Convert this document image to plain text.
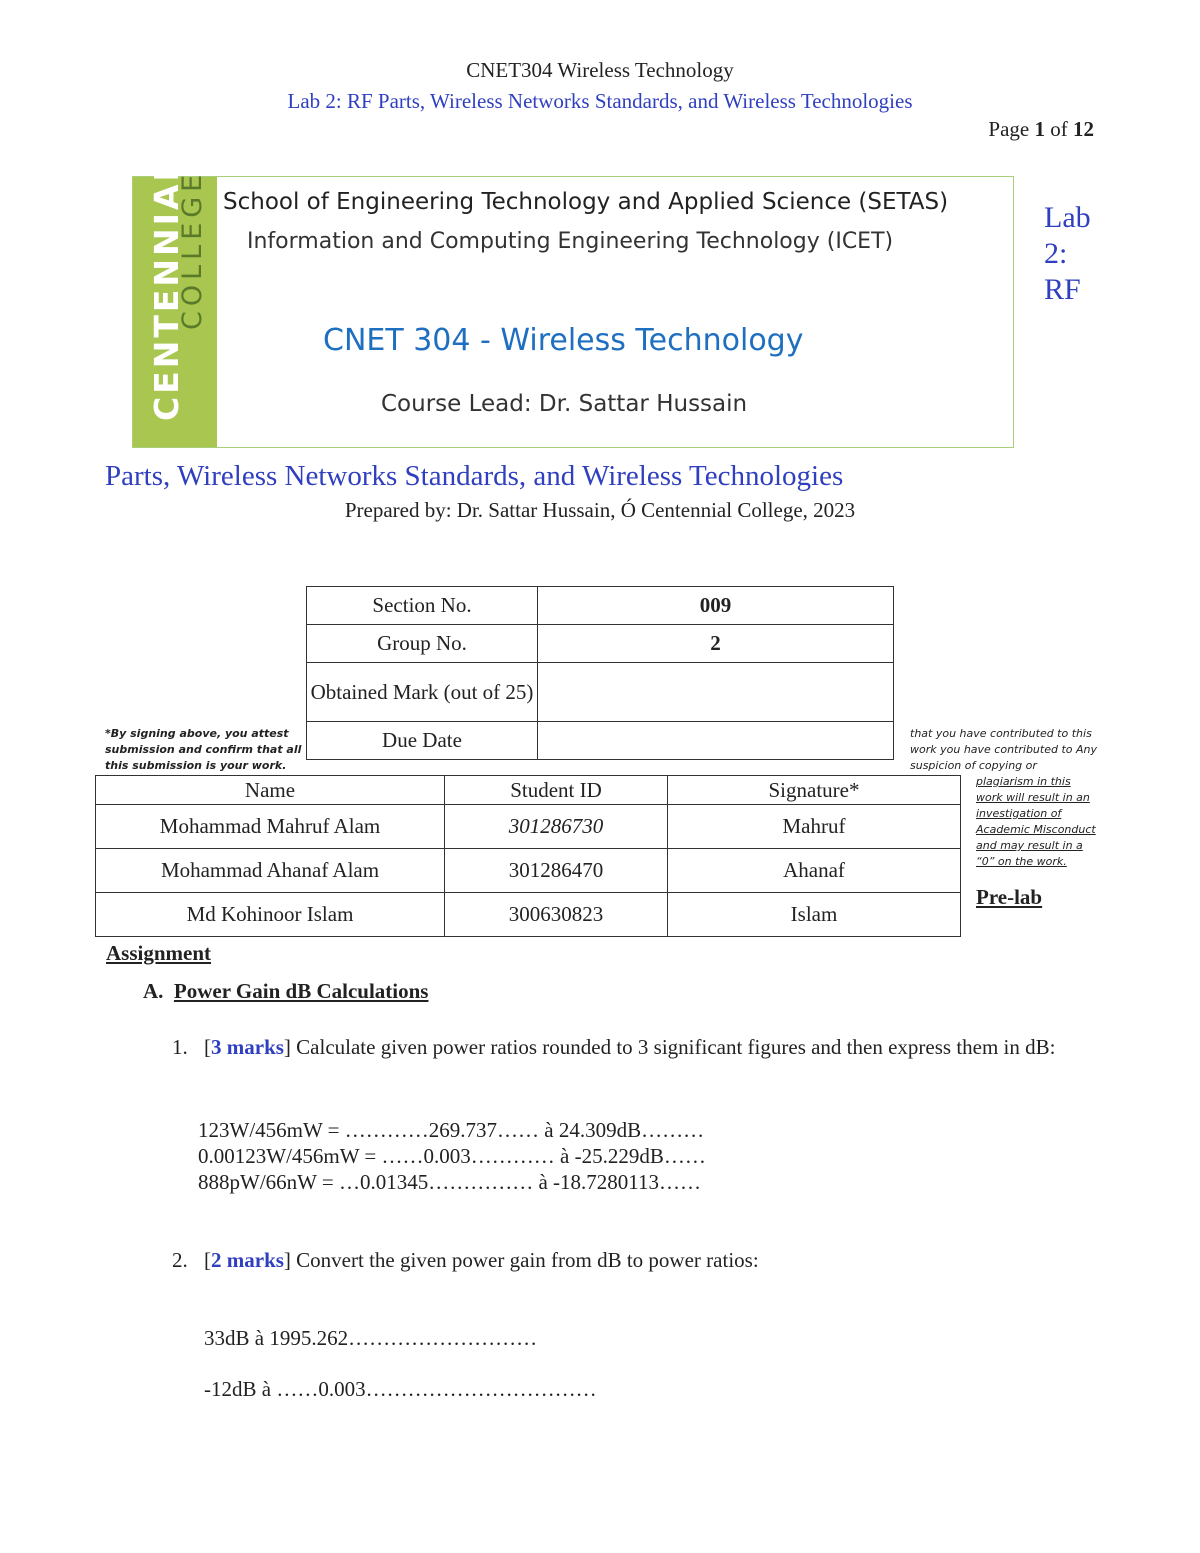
CNET304 Wireless Technology
Lab 2: RF Parts, Wireless Networks Standards, and Wireless Technologies
Page 1 of 12
CENTENNIAL
COLLEGE School of Engineering Technology and Applied Science (SETAS)
Information and Computing Engineering Technology (ICET)
CNET 304 - Wireless Technology
Course Lead: Dr. Sattar Hussain
Lab 2: RF
Parts, Wireless Networks Standards, and Wireless Technologies
Prepared by: Dr. Sattar Hussain, Ó Centennial College, 2023
Section No.	009
Group No.	2
Obtained Mark (out of 25)	
Due Date	
*By signing above, you attest submission and confirm that all this submission is your work.
that you have contributed to this work you have contributed to Any suspicion of copying or
plagiarism in this work will result in an investigation of Academic Misconduct and may result in a “0” on the work.
Name	Student ID	Signature*
Mohammad Mahruf Alam	301286730	Mahruf
Mohammad Ahanaf Alam	301286470	Ahanaf
Md Kohinoor Islam	300630823	Islam
Pre-lab
Assignment
A. Power Gain dB Calculations
1. [3 marks] Calculate given power ratios rounded to 3 significant figures and then express them in dB:
123W/456mW = …………269.737…… à 24.309dB………
0.00123W/456mW = ……0.003………… à -25.229dB……
888pW/66nW = …0.01345…………… à -18.7280113……
2. [2 marks] Convert the given power gain from dB to power ratios:
33dB à 1995.262………………………
-12dB à ……0.003……………………………
